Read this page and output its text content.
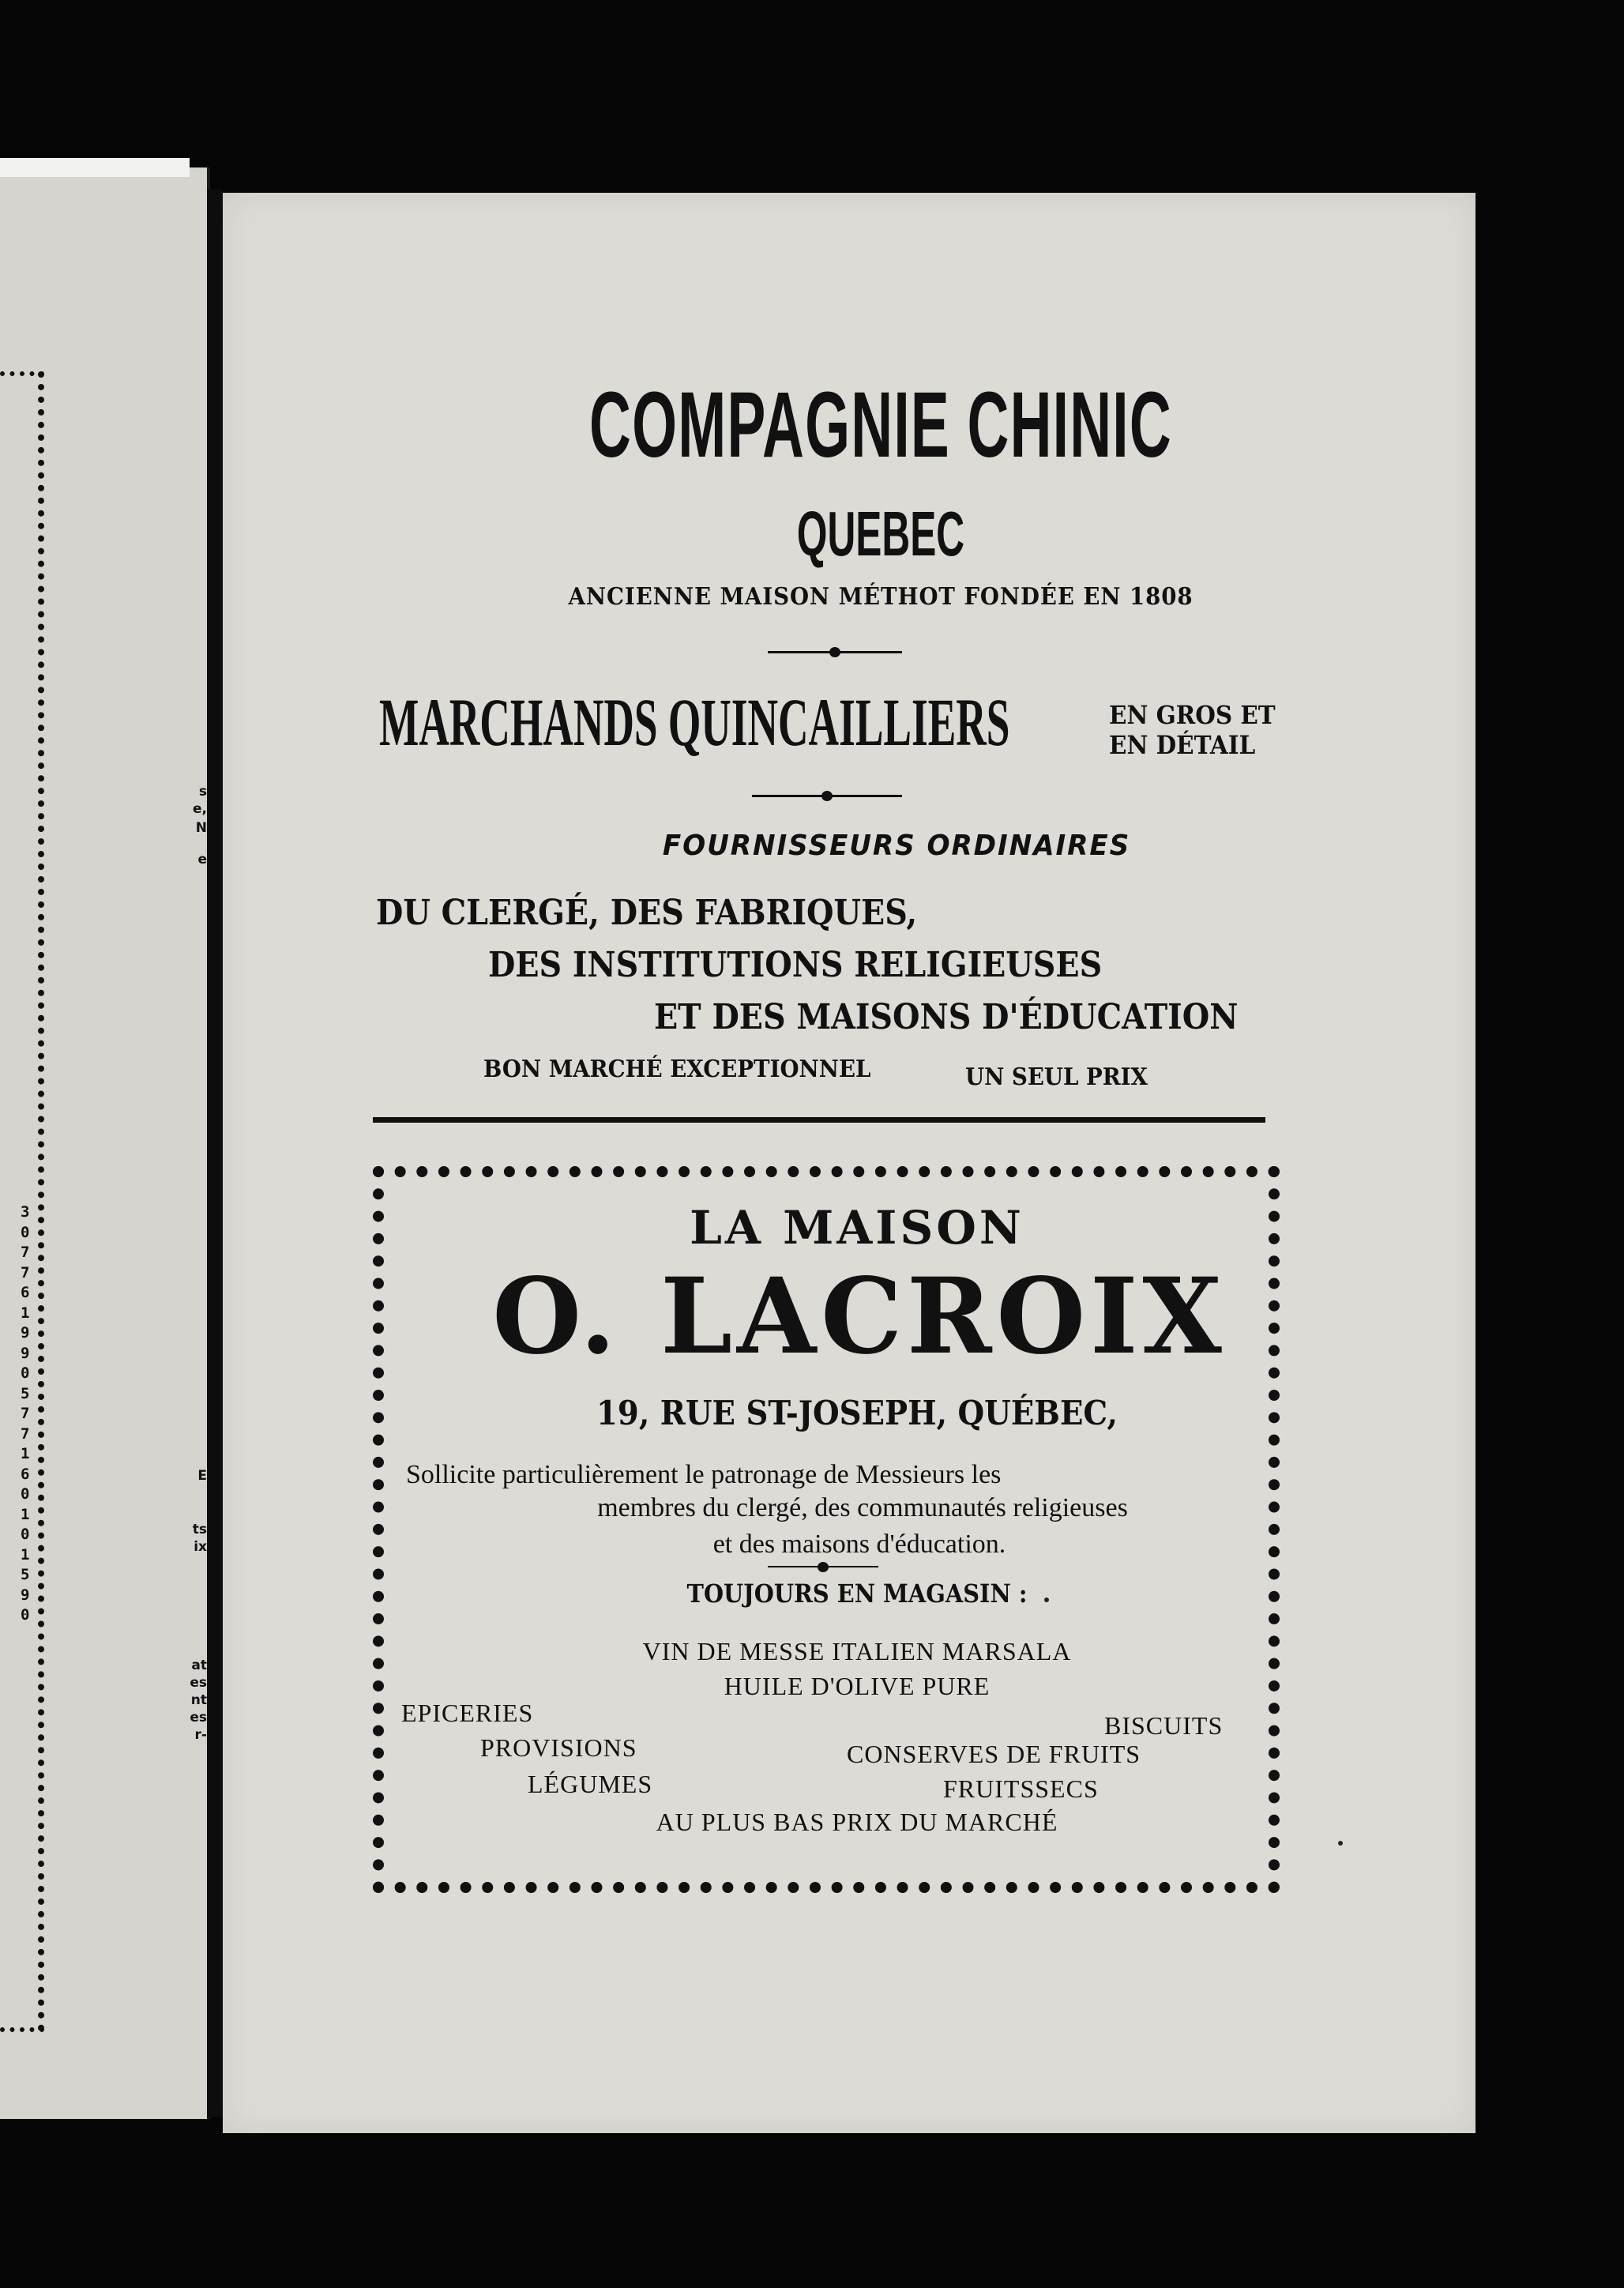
s
e,
N
e
E
ts
ix
at
es
nt
es
r-
3
0
7
7
6
1
9
9
0
5
7
7
1
6
0
1
0
1
5
9
0
COMPAGNIE CHINIC
QUEBEC
ANCIENNE MAISON MÉTHOT FONDÉE EN 1808
MARCHANDS QUINCAILLIERS	EN GROS ET
EN DÉTAIL
FOURNISSEURS ORDINAIRES
DU CLERGÉ, DES FABRIQUES,
DES INSTITUTIONS RELIGIEUSES
ET DES MAISONS D'ÉDUCATION
BON MARCHÉ EXCEPTIONNEL	UN SEUL PRIX
LA MAISON
O. LACROIX
19, RUE ST-JOSEPH, QUÉBEC,
Sollicite particulièrement le patronage de Messieurs les
membres du clergé, des communautés religieuses
et des maisons d'éducation.
TOUJOURS EN MAGASIN :
VIN DE MESSE ITALIEN MARSALA
HUILE D'OLIVE PURE
EPICERIES	BISCUITS
PROVISIONS	CONSERVES DE FRUITS
LÉGUMES	FRUITSSECS
AU PLUS BAS PRIX DU MARCHÉ
